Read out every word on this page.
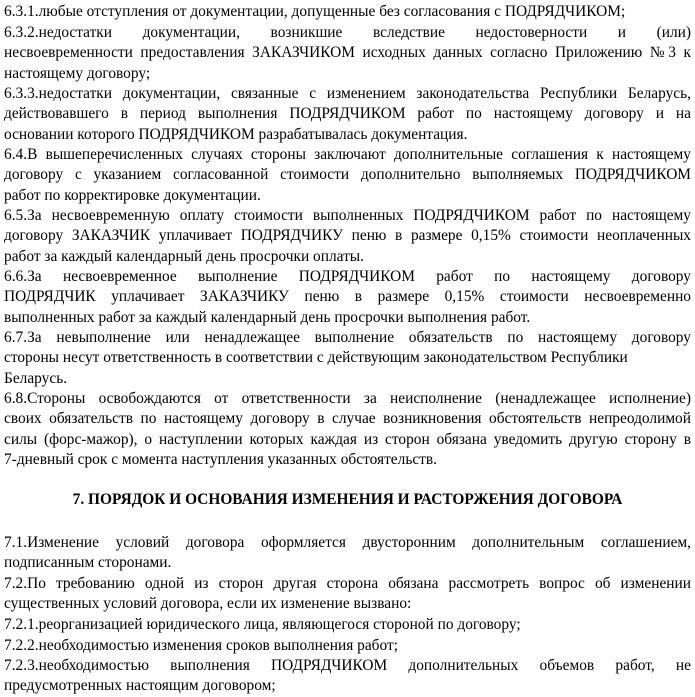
6.3.1.любые отступления от документации, допущенные без согласования с ПОДРЯДЧИКОМ;
6.3.2.недостатки документации, возникшие вследствие недостоверности и (или)
несвоевременности предоставления ЗАКАЗЧИКОМ исходных данных согласно Приложению №3 к
настоящему договору;
6.3.3.недостатки документации, связанные с изменением законодательства Республики Беларусь,
действовавшего в период выполнения ПОДРЯДЧИКОМ работ по настоящему договору и на
основании которого ПОДРЯДЧИКОМ разрабатывалась документация.
6.4.В вышеперечисленных случаях стороны заключают дополнительные соглашения к настоящему
договору с указанием согласованной стоимости дополнительно выполняемых ПОДРЯДЧИКОМ
работ по корректировке документации.
6.5.За несвоевременную оплату стоимости выполненных ПОДРЯДЧИКОМ работ по настоящему
договору ЗАКАЗЧИК уплачивает ПОДРЯДЧИКУ пеню в размере 0,15% стоимости неоплаченных
работ за каждый календарный день просрочки оплаты.
6.6.За несвоевременное выполнение ПОДРЯДЧИКОМ работ по настоящему договору
ПОДРЯДЧИК уплачивает ЗАКАЗЧИКУ пеню в размере 0,15% стоимости несвоевременно
выполненных работ за каждый календарный день просрочки выполнения работ.
6.7.За невыполнение или ненадлежащее выполнение обязательств по настоящему договору
стороны несут ответственность в соответствии с действующим законодательством Республики
Беларусь.
6.8.Стороны освобождаются от ответственности за неисполнение (ненадлежащее исполнение)
своих обязательств по настоящему договору в случае возникновения обстоятельств непреодолимой
силы (форс-мажор), о наступлении которых каждая из сторон обязана уведомить другую сторону в
7-дневный срок с момента наступления указанных обстоятельств.
7. ПОРЯДОК И ОСНОВАНИЯ ИЗМЕНЕНИЯ И РАСТОРЖЕНИЯ ДОГОВОРА
7.1.Изменение условий договора оформляется двусторонним дополнительным соглашением,
подписанным сторонами.
7.2.По требованию одной из сторон другая сторона обязана рассмотреть вопрос об изменении
существенных условий договора, если их изменение вызвано:
7.2.1.реорганизацией юридического лица, являющегося стороной по договору;
7.2.2.необходимостью изменения сроков выполнения работ;
7.2.3.необходимостью выполнения ПОДРЯДЧИКОМ дополнительных объемов работ, не
предусмотренных настоящим договором;
